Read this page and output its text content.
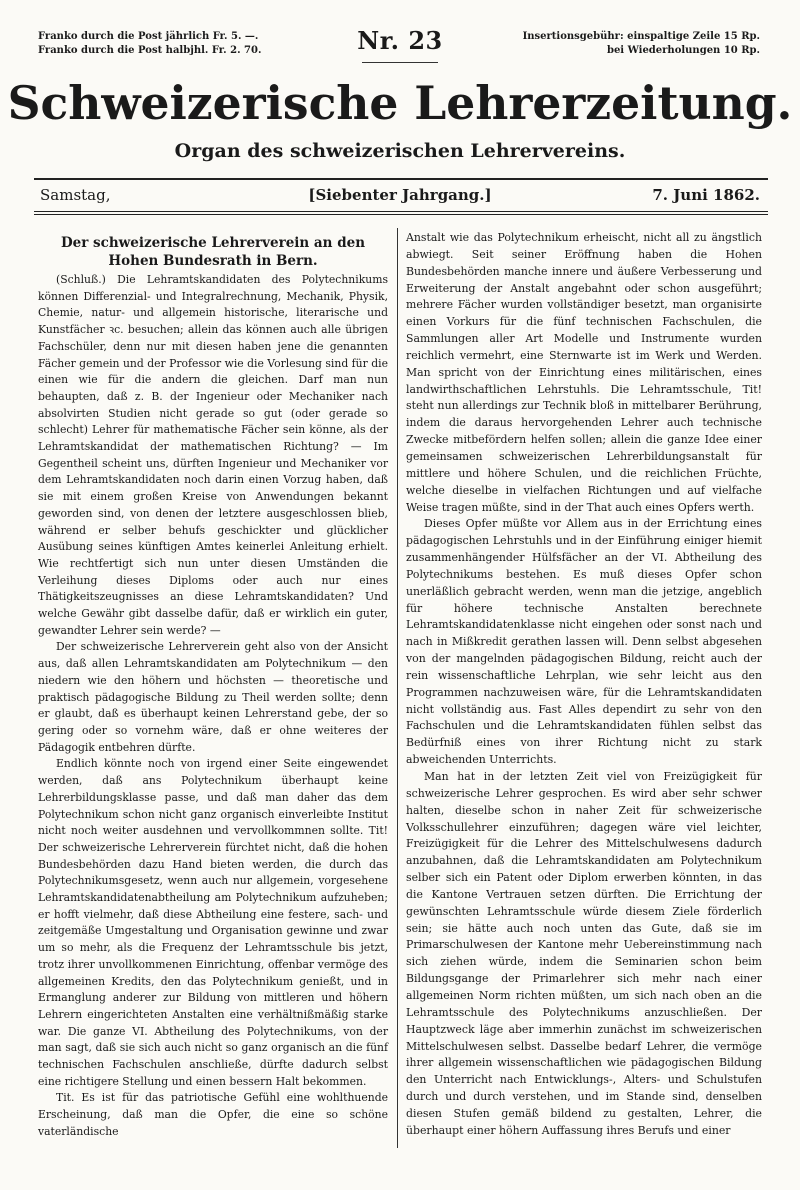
Franko durch die Post jährlich Fr. 5. —.
Franko durch die Post halbjhl. Fr. 2. 70.	Nr. 23	Insertionsgebühr: einspaltige Zeile 15 Rp.
bei Wiederholungen 10 Rp.
Schweizerische Lehrerzeitung.
Organ des schweizerischen Lehrervereins.
Samstag,	[Siebenter Jahrgang.]	7. Juni 1862.
Der schweizerische Lehrerverein an den Hohen Bundesrath in Bern.

(Schluß.) Die Lehramtskandidaten des Polytechnikums können Differenzial- und Integralrechnung, Mechanik, Physik, Chemie, natur- und allgemein historische, literarische und Kunstfächer ꝛc. besuchen; allein das können auch alle übrigen Fachschüler, denn nur mit diesen haben jene die genannten Fächer gemein und der Professor wie die Vorlesung sind für die einen wie für die andern die gleichen. Darf man nun behaupten, daß z. B. der Ingenieur oder Mechaniker nach absolvirten Studien nicht gerade so gut (oder gerade so schlecht) Lehrer für mathematische Fächer sein könne, als der Lehramtskandidat der mathematischen Richtung? — Im Gegentheil scheint uns, dürften Ingenieur und Mechaniker vor dem Lehramtskandidaten noch darin einen Vorzug haben, daß sie mit einem großen Kreise von Anwendungen bekannt geworden sind, von denen der letztere ausgeschlossen blieb, während er selber behufs geschickter und glücklicher Ausübung seines künftigen Amtes keinerlei Anleitung erhielt. Wie rechtfertigt sich nun unter diesen Umständen die Verleihung dieses Diploms oder auch nur eines Thätigkeitszeugnisses an diese Lehramtskandidaten? Und welche Gewähr gibt dasselbe dafür, daß er wirklich ein guter, gewandter Lehrer sein werde? —

Der schweizerische Lehrerverein geht also von der Ansicht aus, daß allen Lehramtskandidaten am Polytechnikum — den niedern wie den höhern und höchsten — theoretische und praktisch pädagogische Bildung zu Theil werden sollte; denn er glaubt, daß es überhaupt keinen Lehrerstand gebe, der so gering oder so vornehm wäre, daß er ohne weiteres der Pädagogik entbehren dürfte.

Endlich könnte noch von irgend einer Seite eingewendet werden, daß ans Polytechnikum überhaupt keine Lehrerbildungsklasse passe, und daß man daher das dem Polytechnikum schon nicht ganz organisch einverleibte Institut nicht noch weiter ausdehnen und vervollkommnen sollte. Tit! Der schweizerische Lehrerverein fürchtet nicht, daß die hohen Bundesbehörden dazu Hand bieten werden, die durch das Polytechnikumsgesetz, wenn auch nur allgemein, vorgesehene Lehramtskandidatenabtheilung am Polytechnikum aufzuheben; er hofft vielmehr, daß diese Abtheilung eine festere, sach- und zeitgemäße Umgestaltung und Organisation gewinne und zwar um so mehr, als die Frequenz der Lehramtsschule bis jetzt, trotz ihrer unvollkommenen Einrichtung, offenbar vermöge des allgemeinen Kredits, den das Polytechnikum genießt, und in Ermanglung anderer zur Bildung von mittleren und höhern Lehrern eingerichteten Anstalten eine verhältnißmäßig starke war. Die ganze VI. Abtheilung des Polytechnikums, von der man sagt, daß sie sich auch nicht so ganz organisch an die fünf technischen Fachschulen anschließe, dürfte dadurch selbst eine richtigere Stellung und einen bessern Halt bekommen.

Tit. Es ist für das patriotische Gefühl eine wohlthuende Erscheinung, daß man die Opfer, die eine so schöne vaterländische

Anstalt wie das Polytechnikum erheischt, nicht all zu ängstlich abwiegt. Seit seiner Eröffnung haben die Hohen Bundesbehörden manche innere und äußere Verbesserung und Erweiterung der Anstalt angebahnt oder schon ausgeführt; mehrere Fächer wurden vollständiger besetzt, man organisirte einen Vorkurs für die fünf technischen Fachschulen, die Sammlungen aller Art Modelle und Instrumente wurden reichlich vermehrt, eine Sternwarte ist im Werk und Werden. Man spricht von der Einrichtung eines militärischen, eines landwirthschaftlichen Lehrstuhls. Die Lehramtsschule, Tit! steht nun allerdings zur Technik bloß in mittelbarer Berührung, indem die daraus hervorgehenden Lehrer auch technische Zwecke mitbefördern helfen sollen; allein die ganze Idee einer gemeinsamen schweizerischen Lehrerbildungsanstalt für mittlere und höhere Schulen, und die reichlichen Früchte, welche dieselbe in vielfachen Richtungen und auf vielfache Weise tragen müßte, sind in der That auch eines Opfers werth.

Dieses Opfer müßte vor Allem aus in der Errichtung eines pädagogischen Lehrstuhls und in der Einführung einiger hiemit zusammenhängender Hülfsfächer an der VI. Abtheilung des Polytechnikums bestehen. Es muß dieses Opfer schon unerläßlich gebracht werden, wenn man die jetzige, angeblich für höhere technische Anstalten berechnete Lehramtskandidatenklasse nicht eingehen oder sonst nach und nach in Mißkredit gerathen lassen will. Denn selbst abgesehen von der mangelnden pädagogischen Bildung, reicht auch der rein wissenschaftliche Lehrplan, wie sehr leicht aus den Programmen nachzuweisen wäre, für die Lehramtskandidaten nicht vollständig aus. Fast Alles dependirt zu sehr von den Fachschulen und die Lehramtskandidaten fühlen selbst das Bedürfniß eines von ihrer Richtung nicht zu stark abweichenden Unterrichts.

Man hat in der letzten Zeit viel von Freizügigkeit für schweizerische Lehrer gesprochen. Es wird aber sehr schwer halten, dieselbe schon in naher Zeit für schweizerische Volksschullehrer einzuführen; dagegen wäre viel leichter, Freizügigkeit für die Lehrer des Mittelschulwesens dadurch anzubahnen, daß die Lehramtskandidaten am Polytechnikum selber sich ein Patent oder Diplom erwerben könnten, in das die Kantone Vertrauen setzen dürften. Die Errichtung der gewünschten Lehramtsschule würde diesem Ziele förderlich sein; sie hätte auch noch unten das Gute, daß sie im Primarschulwesen der Kantone mehr Uebereinstimmung nach sich ziehen würde, indem die Seminarien schon beim Bildungsgange der Primarlehrer sich mehr nach einer allgemeinen Norm richten müßten, um sich nach oben an die Lehramtsschule des Polytechnikums anzuschließen. Der Hauptzweck läge aber immerhin zunächst im schweizerischen Mittelschulwesen selbst. Dasselbe bedarf Lehrer, die vermöge ihrer allgemein wissenschaftlichen wie pädagogischen Bildung den Unterricht nach Entwicklungs-, Alters- und Schulstufen durch und durch verstehen, und im Stande sind, denselben diesen Stufen gemäß bildend zu gestalten, Lehrer, die überhaupt einer höhern Auffassung ihres Berufs und einer
